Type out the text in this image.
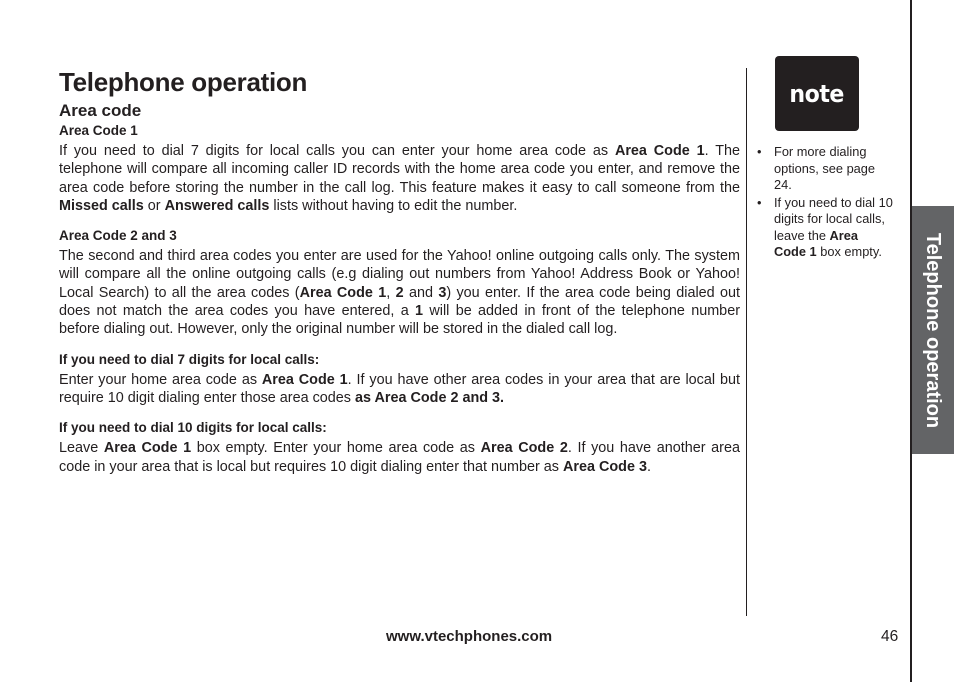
Telephone operation
Area code
Area Code 1

If you need to dial 7 digits for local calls you can enter your home area code as Area Code 1. The telephone will compare all incoming caller ID records with the home area code you enter, and remove the area code before storing the number in the call log. This feature makes it easy to call someone from the Missed calls or Answered calls lists without having to edit the number.

Area Code 2 and 3

The second and third area codes you enter are used for the Yahoo! online outgoing calls only. The system will compare all the online outgoing calls (e.g dialing out numbers from Yahoo! Address Book or Yahoo! Local Search) to all the area codes (Area Code 1, 2 and 3) you enter. If the area code being dialed out does not match the area codes you have entered, a 1 will be added in front of the telephone number before dialing out. However, only the original number will be stored in the dialed call log.

If you need to dial 7 digits for local calls:

Enter your home area code as Area Code 1. If you have other area codes in your area that are local but require 10 digit dialing enter those area codes as Area Code 2 and 3.

If you need to dial 10 digits for local calls:

Leave Area Code 1 box empty. Enter your home area code as Area Code 2. If you have another area code in your area that is local but requires 10 digit dialing enter that number as Area Code 3.

note
• For more dialing options, see page 24.
• If you need to dial 10 digits for local calls, leave the Area Code 1 box empty.	Telephone operation
www.vtechphones.com	46
